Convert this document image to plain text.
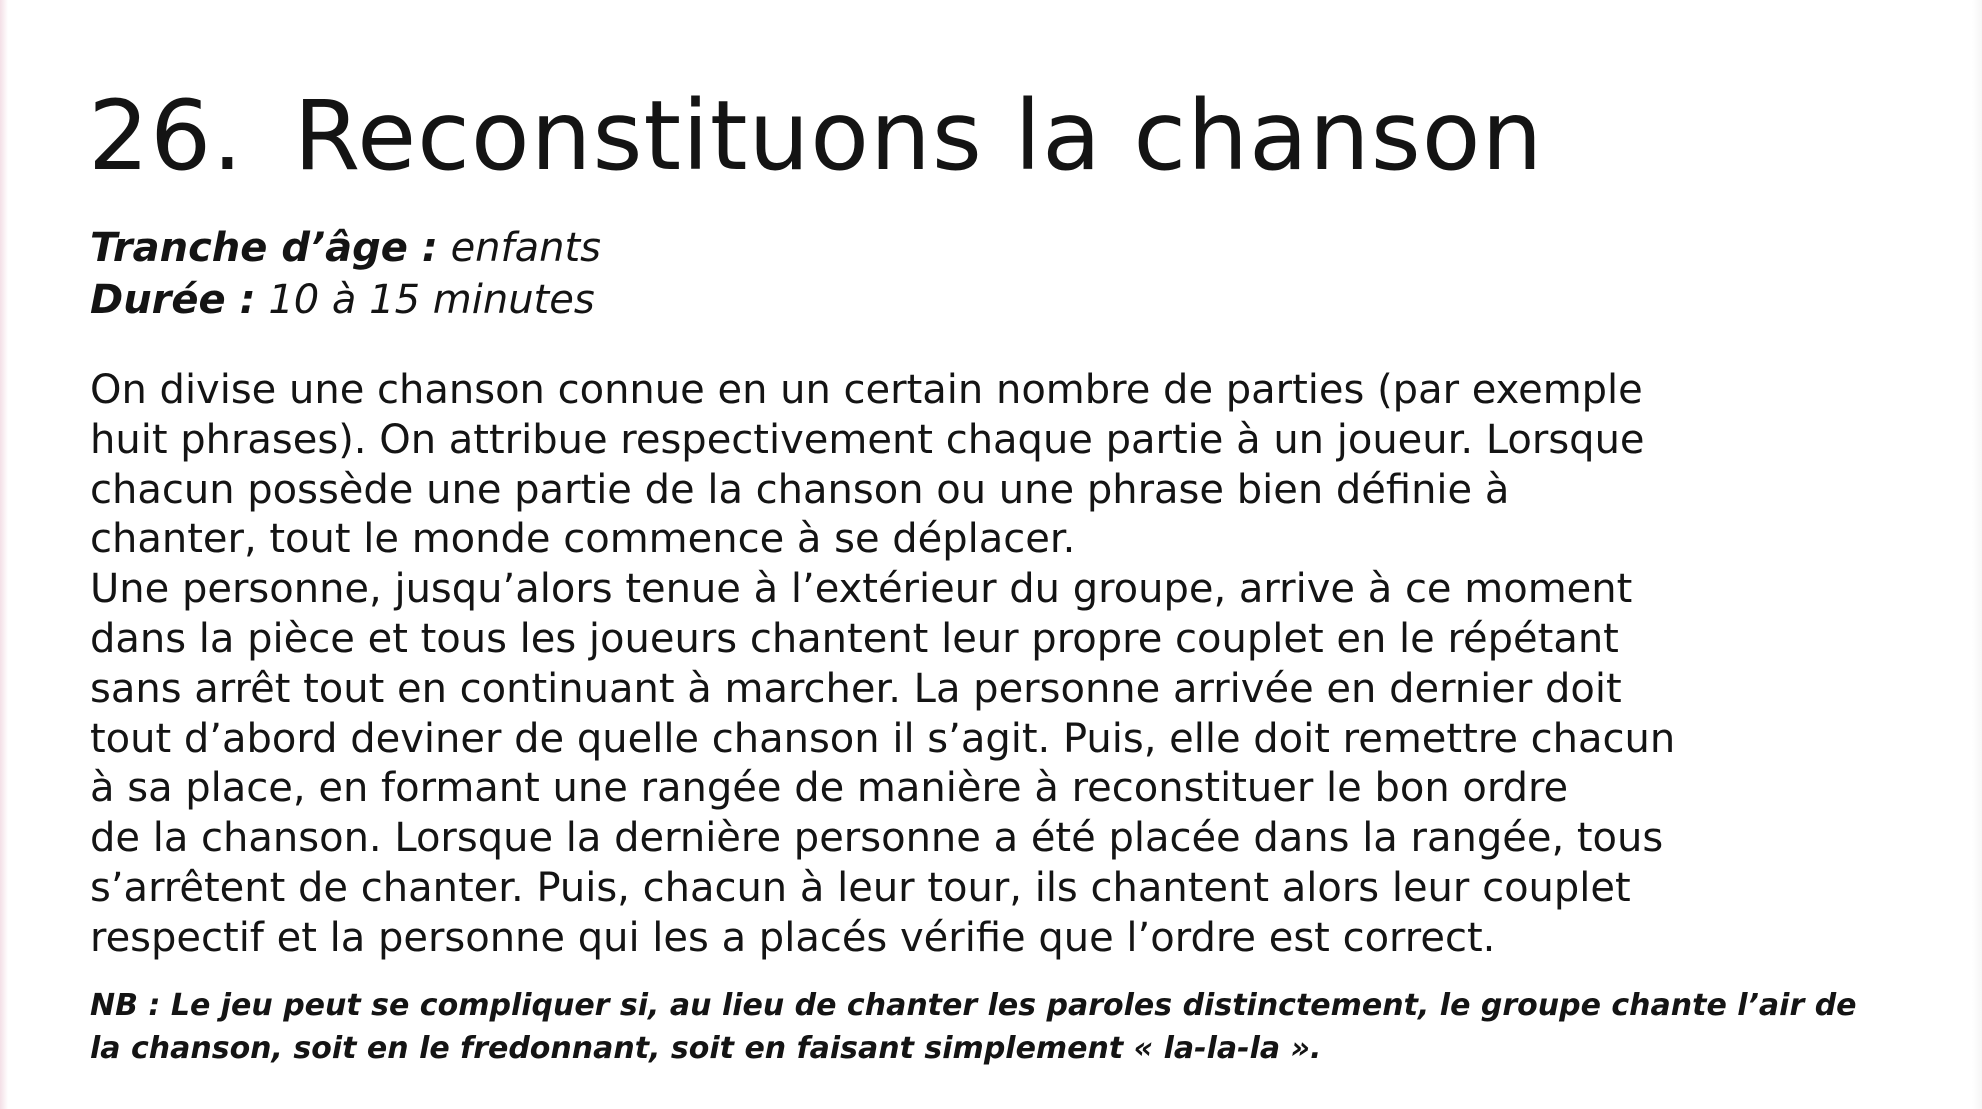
26. Reconstituons la chanson
Tranche d’âge : enfants
Durée : 10 à 15 minutes
On divise une chanson connue en un certain nombre de parties (par exemple
huit phrases). On attribue respectivement chaque partie à un joueur. Lorsque
chacun possède une partie de la chanson ou une phrase bien définie à
chanter, tout le monde commence à se déplacer.
Une personne, jusqu’alors tenue à l’extérieur du groupe, arrive à ce moment
dans la pièce et tous les joueurs chantent leur propre couplet en le répétant
sans arrêt tout en continuant à marcher. La personne arrivée en dernier doit
tout d’abord deviner de quelle chanson il s’agit. Puis, elle doit remettre chacun
à sa place, en formant une rangée de manière à reconstituer le bon ordre
de la chanson. Lorsque la dernière personne a été placée dans la rangée, tous
s’arrêtent de chanter. Puis, chacun à leur tour, ils chantent alors leur couplet
respectif et la personne qui les a placés vérifie que l’ordre est correct.
NB : Le jeu peut se compliquer si, au lieu de chanter les paroles distinctement, le groupe chante l’air de
la chanson, soit en le fredonnant, soit en faisant simplement « la-la-la ».
